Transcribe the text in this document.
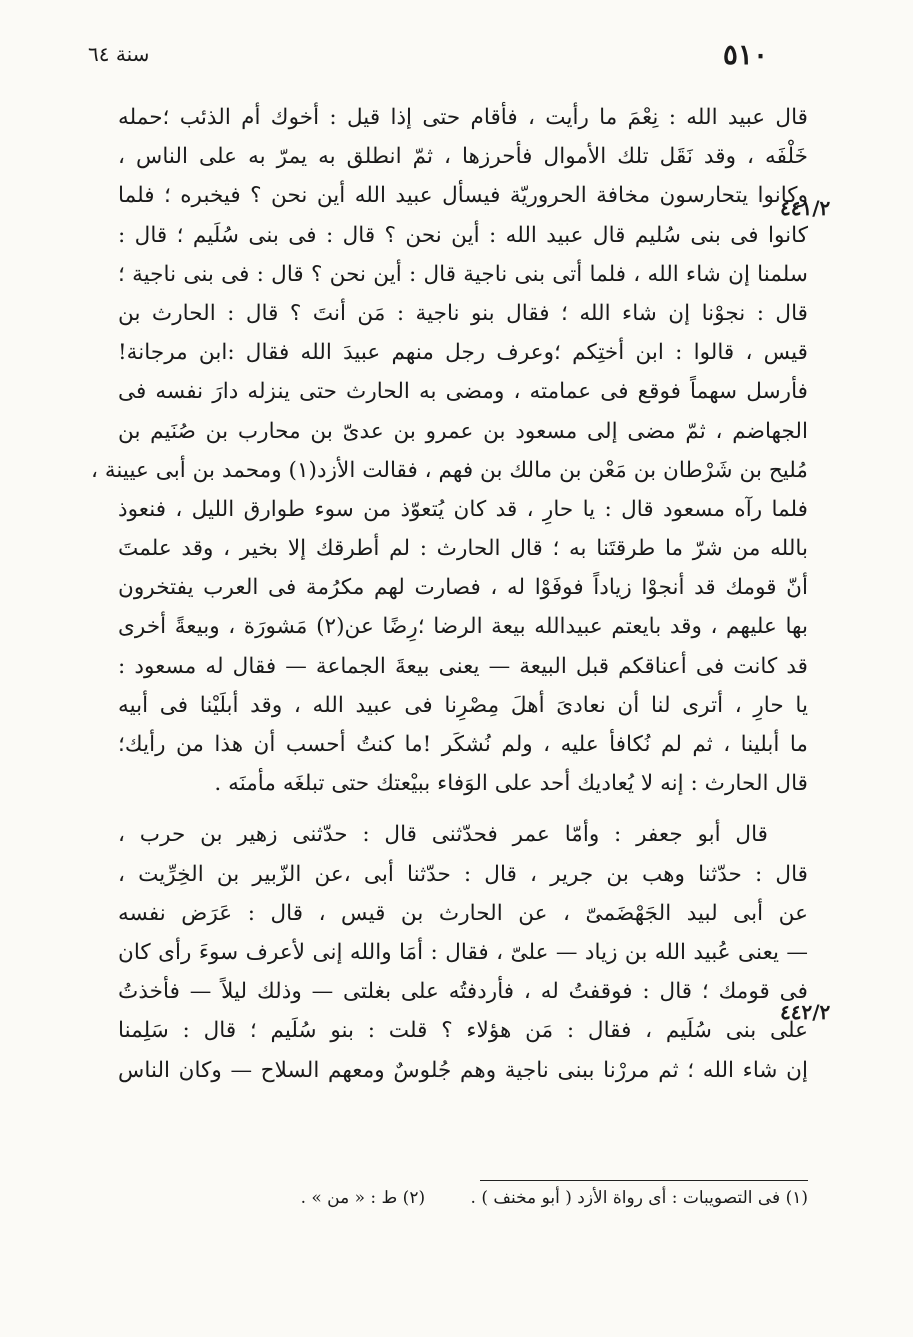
سنة ٦٤	٥١٠
٤٤١/٢
٤٤٢/٢
قال عبيد الله : نِعْمَ ما رأيت ، فأقام حتى إذا قيل : أخوك أم الذئب ؛حمله
خَلْفَه ، وقد نَقَل تلك الأموال فأحرزها ، ثمّ انطلق به يمرّ به على الناس ،
وكانوا يتحارسون مخافة الحروريّة فيسأل عبيد الله أين نحن ؟ فيخبره ؛ فلما
كانوا فى بنى سُليم قال عبيد الله : أين نحن ؟ قال : فى بنى سُلَيم ؛ قال :
سلمنا إن شاء الله ، فلما أتى بنى ناجية قال : أين نحن ؟ قال : فى بنى ناجية ؛
قال : نجوْنا إن شاء الله ؛ فقال بنو ناجية : مَن أنتَ ؟ قال : الحارث بن
قيس ، قالوا : ابن أختِكم ؛وعرف رجل منهم عبيدَ الله فقال :ابن مرجانة!
فأرسل سهماً فوقع فى عمامته ، ومضى به الحارث حتى ينزله دارَ نفسه فى
الجهاضم ، ثمّ مضى إلى مسعود بن عمرو بن عدىّ بن محارب بن صُنَيم بن
مُليح بن شَرْطان بن مَعْن بن مالك بن فهم ، فقالت الأزد(١) ومحمد بن أبى عيينة ،
فلما رآه مسعود قال : يا حارِ ، قد كان يُتعوّذ من سوء طوارق الليل ، فنعوذ
بالله من شرّ ما طرقتَنا به ؛ قال الحارث : لم أطرقك إلا بخير ، وقد علمتَ
أنّ قومك قد أنجوْا زياداً فوفَوْا له ، فصارت لهم مكرُمة فى العرب يفتخرون
بها عليهم ، وقد بايعتم عبيدالله بيعة الرضا ؛رِضًا عن(٢) مَشورَة ، وبيعةً أخرى
قد كانت فى أعناقكم قبل البيعة — يعنى بيعةَ الجماعة — فقال له مسعود :
يا حارِ ، أترى لنا أن نعادىَ أهلَ مِصْرِنا فى عبيد الله ، وقد أبلَيْنا فى أبيه
ما أبلينا ، ثم لم نُكافأ عليه ، ولم نُشكَر !ما كنتُ أحسب أن هذا من رأيك؛
قال الحارث : إنه لا يُعاديك أحد على الوَفاء ببيْعتك حتى تبلغَه مأمنَه .
قال أبو جعفر : وأمّا عمر فحدّثنى قال : حدّثنى زهير بن حرب ،
قال : حدّثنا وهب بن جرير ، قال : حدّثنا أبى ،عن الزّبير بن الخِرِّيت ،
عن أبى لبيد الجَهْضَمىّ ، عن الحارث بن قيس ، قال : عَرَض نفسه
— يعنى عُبيد الله بن زياد — علىّ ، فقال : أمَا والله إنى لأعرف سوءَ رأى كان
فى قومك ؛ قال : فوقفتُ له ، فأردفتُه على بغلتى — وذلك ليلاً — فأخذتُ
على بنى سُلَيم ، فقال : مَن هؤلاء ؟ قلت : بنو سُلَيم ؛ قال : سَلِمنا
إن شاء الله ؛ ثم مررْنا ببنى ناجية وهم جُلوسٌ ومعهم السلاح — وكان الناس
(١) فى التصويبات : أى رواة الأزد ( أبو مخنف ) . (٢) ط : « من » .
